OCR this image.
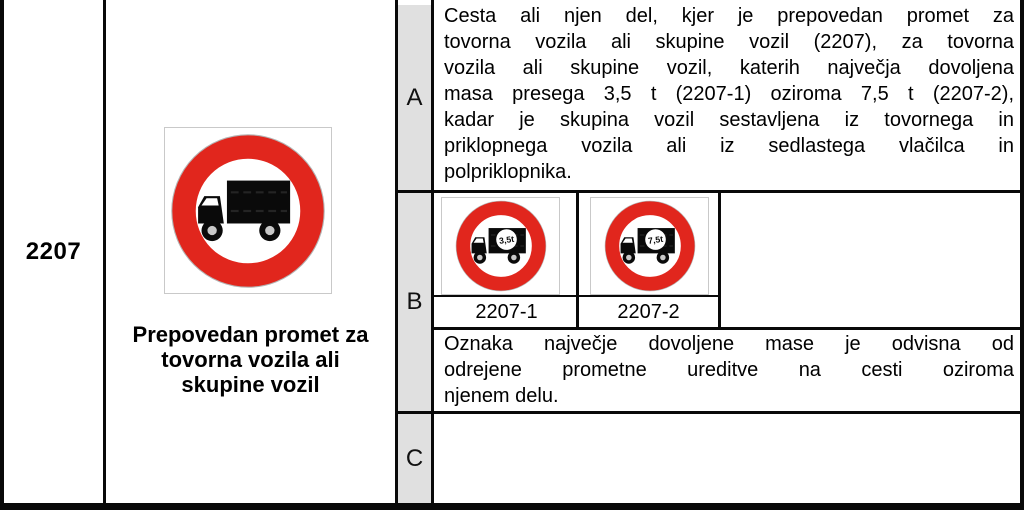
2207
Prepovedan promet za
tovorna vozila ali
skupine vozil
A
B
C
Cesta ali njen del, kjer je prepovedan promet za
tovorna vozila ali skupine vozil (2207), za tovorna
vozila ali skupine vozil, katerih največja dovoljena
masa presega 3,5 t (2207-1) oziroma 7,5 t (2207-2),
kadar je skupina vozil sestavljena iz tovornega in
priklopnega vozila ali iz sedlastega vlačilca in
polpriklopnika.
3,5t	7,5t
2207-1	2207-2
Oznaka največje dovoljene mase je odvisna od
odrejene prometne ureditve na cesti oziroma
njenem delu.
